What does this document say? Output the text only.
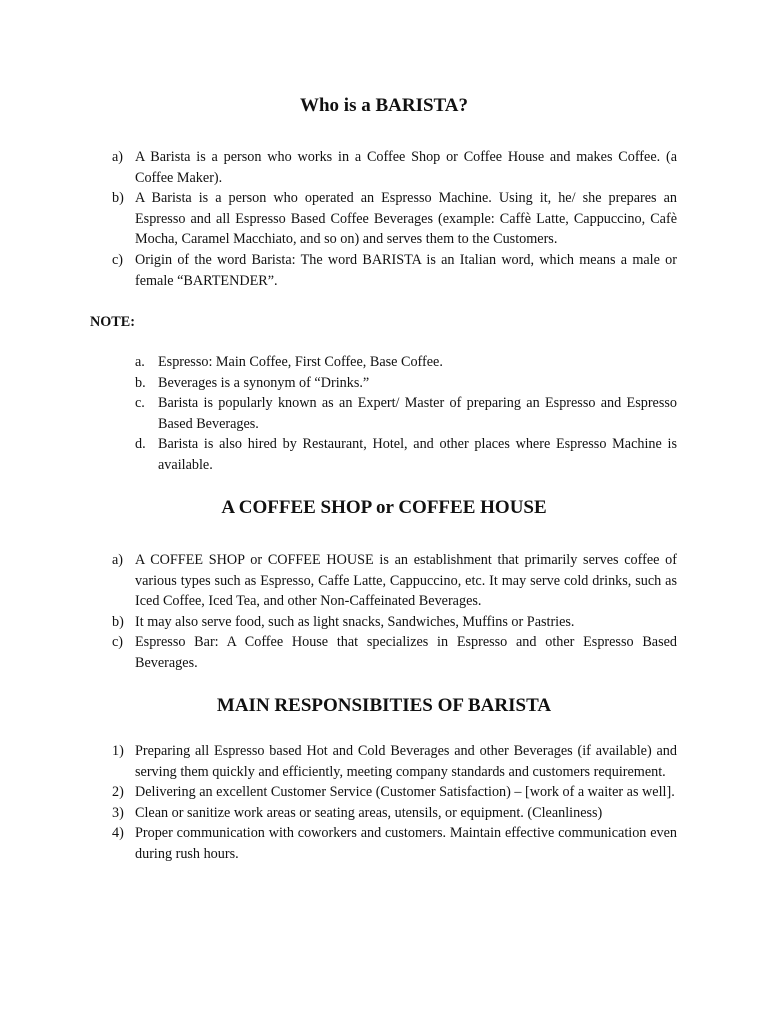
Who is a BARISTA?
a) A Barista is a person who works in a Coffee Shop or Coffee House and makes Coffee. (a Coffee Maker).
b) A Barista is a person who operated an Espresso Machine. Using it, he/ she prepares an Espresso and all Espresso Based Coffee Beverages (example: Caffè Latte, Cappuccino, Cafè Mocha, Caramel Macchiato, and so on) and serves them to the Customers.
c) Origin of the word Barista: The word BARISTA is an Italian word, which means a male or female “BARTENDER”.

NOTE:

a. Espresso: Main Coffee, First Coffee, Base Coffee.
b. Beverages is a synonym of “Drinks.”
c. Barista is popularly known as an Expert/ Master of preparing an Espresso and Espresso Based Beverages.
d. Barista is also hired by Restaurant, Hotel, and other places where Espresso Machine is available.
A COFFEE SHOP or COFFEE HOUSE
a) A COFFEE SHOP or COFFEE HOUSE is an establishment that primarily serves coffee of various types such as Espresso, Caffe Latte, Cappuccino, etc. It may serve cold drinks, such as Iced Coffee, Iced Tea, and other Non-Caffeinated Beverages.
b) It may also serve food, such as light snacks, Sandwiches, Muffins or Pastries.
c) Espresso Bar: A Coffee House that specializes in Espresso and other Espresso Based Beverages.
MAIN RESPONSIBITIES OF BARISTA
1) Preparing all Espresso based Hot and Cold Beverages and other Beverages (if available) and serving them quickly and efficiently, meeting company standards and customers requirement.
2) Delivering an excellent Customer Service (Customer Satisfaction) – [work of a waiter as well].
3) Clean or sanitize work areas or seating areas, utensils, or equipment. (Cleanliness)
4) Proper communication with coworkers and customers. Maintain effective communication even during rush hours.
